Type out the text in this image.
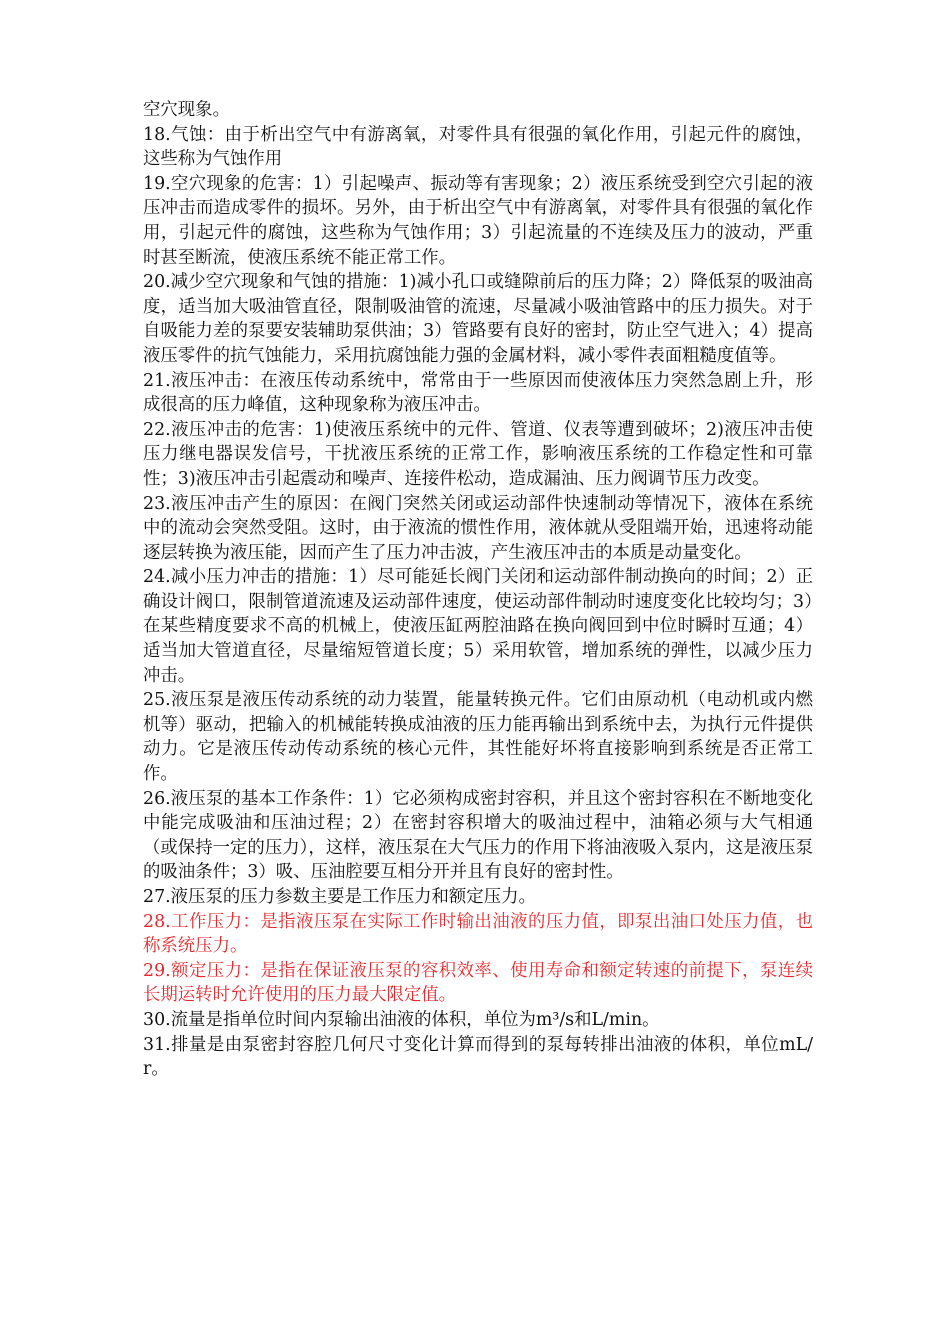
空穴现象。

18.气蚀：由于析出空气中有游离氧，对零件具有很强的氧化作用，引起元件的腐蚀，这些称为气蚀作用

19.空穴现象的危害：1）引起噪声、振动等有害现象；2）液压系统受到空穴引起的液压冲击而造成零件的损坏。另外，由于析出空气中有游离氧，对零件具有很强的氧化作用，引起元件的腐蚀，这些称为气蚀作用；3）引起流量的不连续及压力的波动，严重时甚至断流，使液压系统不能正常工作。

20.减少空穴现象和气蚀的措施：1)减小孔口或缝隙前后的压力降；2）降低泵的吸油高度，适当加大吸油管直径，限制吸油管的流速，尽量减小吸油管路中的压力损失。对于自吸能力差的泵要安装辅助泵供油；3）管路要有良好的密封，防止空气进入；4）提高液压零件的抗气蚀能力，采用抗腐蚀能力强的金属材料，减小零件表面粗糙度值等。

21.液压冲击：在液压传动系统中，常常由于一些原因而使液体压力突然急剧上升，形成很高的压力峰值，这种现象称为液压冲击。

22.液压冲击的危害：1)使液压系统中的元件、管道、仪表等遭到破坏；2)液压冲击使压力继电器误发信号，干扰液压系统的正常工作，影响液压系统的工作稳定性和可靠性；3)液压冲击引起震动和噪声、连接件松动，造成漏油、压力阀调节压力改变。

23.液压冲击产生的原因：在阀门突然关闭或运动部件快速制动等情况下，液体在系统中的流动会突然受阻。这时，由于液流的惯性作用，液体就从受阻端开始，迅速将动能逐层转换为液压能，因而产生了压力冲击波，产生液压冲击的本质是动量变化。

24.减小压力冲击的措施：1）尽可能延长阀门关闭和运动部件制动换向的时间；2）正确设计阀口，限制管道流速及运动部件速度，使运动部件制动时速度变化比较均匀；3）在某些精度要求不高的机械上，使液压缸两腔油路在换向阀回到中位时瞬时互通；4）适当加大管道直径，尽量缩短管道长度；5）采用软管，增加系统的弹性，以减少压力冲击。

25.液压泵是液压传动系统的动力装置，能量转换元件。它们由原动机（电动机或内燃机等）驱动，把输入的机械能转换成油液的压力能再输出到系统中去，为执行元件提供动力。它是液压传动传动系统的核心元件，其性能好坏将直接影响到系统是否正常工作。

26.液压泵的基本工作条件：1）它必须构成密封容积，并且这个密封容积在不断地变化中能完成吸油和压油过程；2）在密封容积增大的吸油过程中，油箱必须与大气相通（或保持一定的压力），这样，液压泵在大气压力的作用下将油液吸入泵内，这是液压泵的吸油条件；3）吸、压油腔要互相分开并且有良好的密封性。

27.液压泵的压力参数主要是工作压力和额定压力。

28.工作压力：是指液压泵在实际工作时输出油液的压力值，即泵出油口处压力值，也称系统压力。

29.额定压力：是指在保证液压泵的容积效率、使用寿命和额定转速的前提下，泵连续长期运转时允许使用的压力最大限定值。

30.流量是指单位时间内泵输出油液的体积，单位为m³/s和L/min。

31.排量是由泵密封容腔几何尺寸变化计算而得到的泵每转排出油液的体积，单位mL/r。
